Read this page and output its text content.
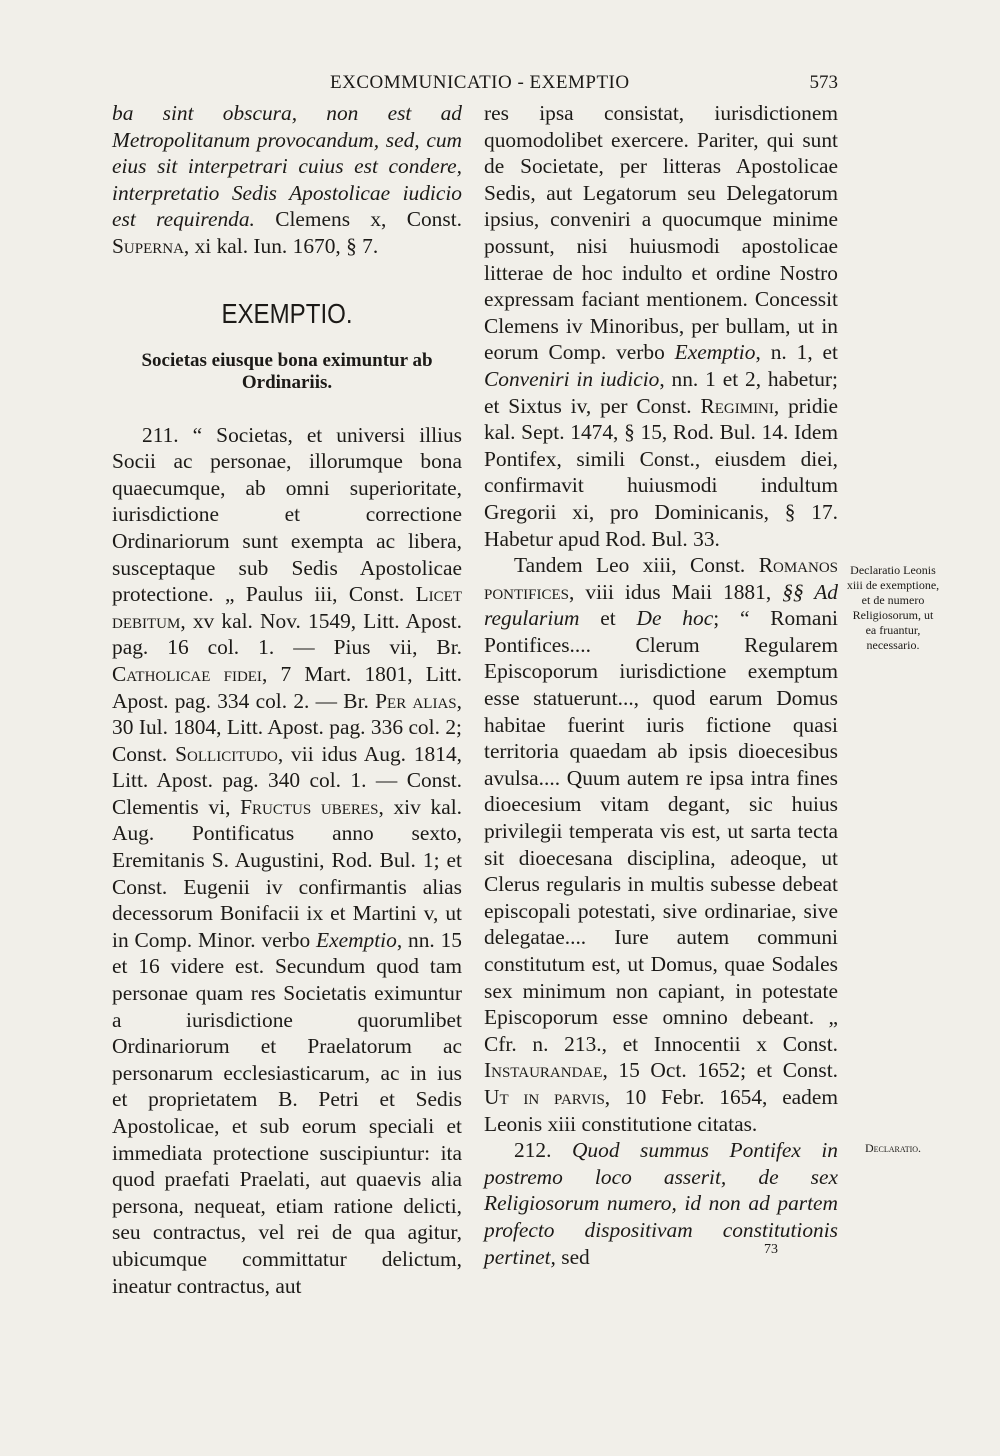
EXCOMMUNICATIO - EXEMPTIO	573

ba sint obscura, non est ad Metropolitanum provocandum, sed, cum eius sit interpetrari cuius est condere, interpretatio Sedis Apostolicae iudicio est requirenda. Clemens x, Const. Superna, xi kal. Iun. 1670, § 7.

EXEMPTIO.
Societas eiusque bona eximuntur ab Ordinariis.

211. “ Societas, et universi illius Socii ac personae, illorumque bona quaecumque, ab omni superioritate, iurisdictione et correctione Ordinariorum sunt exempta ac libera, susceptaque sub Sedis Apostolicae protectione. „ Paulus iii, Const. Licet debitum, xv kal. Nov. 1549, Litt. Apost. pag. 16 col. 1. — Pius vii, Br. Catholicae fidei, 7 Mart. 1801, Litt. Apost. pag. 334 col. 2. — Br. Per alias, 30 Iul. 1804, Litt. Apost. pag. 336 col. 2; Const. Sollicitudo, vii idus Aug. 1814, Litt. Apost. pag. 340 col. 1. — Const. Clementis vi, Fructus uberes, xiv kal. Aug. Pontificatus anno sexto, Eremitanis S. Augustini, Rod. Bul. 1; et Const. Eugenii iv confirmantis alias decessorum Bonifacii ix et Martini v, ut in Comp. Minor. verbo Exemptio, nn. 15 et 16 videre est. Secundum quod tam personae quam res Societatis eximuntur a iurisdictione quorumlibet Ordinariorum et Praelatorum ac personarum ecclesiasticarum, ac in ius et proprietatem B. Petri et Sedis Apostolicae, et sub eorum speciali et immediata protectione suscipiuntur: ita quod praefati Praelati, aut quaevis alia persona, nequeat, etiam ratione delicti, seu contractus, vel rei de qua agitur, ubicumque committatur delictum, ineatur contractus, aut

res ipsa consistat, iurisdictionem quomodolibet exercere. Pariter, qui sunt de Societate, per litteras Apostolicae Sedis, aut Legatorum seu Delegatorum ipsius, conveniri a quocumque minime possunt, nisi huiusmodi apostolicae litterae de hoc indulto et ordine Nostro expressam faciant mentionem. Concessit Clemens iv Minoribus, per bullam, ut in eorum Comp. verbo Exemptio, n. 1, et Conveniri in iudicio, nn. 1 et 2, habetur; et Sixtus iv, per Const. Regimini, pridie kal. Sept. 1474, § 15, Rod. Bul. 14. Idem Pontifex, simili Const., eiusdem diei, confirmavit huiusmodi indultum Gregorii xi, pro Dominicanis, § 17. Habetur apud Rod. Bul. 33.

Tandem Leo xiii, Const. Romanos pontifices, viii idus Maii 1881, §§ Ad regularium et De hoc; “ Romani Pontifices.... Clerum Regularem Episcoporum iurisdictione exemptum esse statuerunt..., quod earum Domus habitae fuerint iuris fictione quasi territoria quaedam ab ipsis dioecesibus avulsa.... Quum autem re ipsa intra fines dioecesium vitam degant, sic huius privilegii temperata vis est, ut sarta tecta sit dioecesana disciplina, adeoque, ut Clerus regularis in multis subesse debeat episcopali potestati, sive ordinariae, sive delegatae.... Iure autem communi constitutum est, ut Domus, quae Sodales sex minimum non capiant, in potestate Episcoporum esse omnino debeant. „ Cfr. n. 213., et Innocentii x Const. Instaurandae, 15 Oct. 1652; et Const. Ut in parvis, 10 Febr. 1654, eadem Leonis xiii constitutione citatas.

212. Quod summus Pontifex in postremo loco asserit, de sex Religiosorum numero, id non ad partem profecto dispositivam constitutionis pertinet, sed

Declaratio Leonis xiii de exemptione, et de numero Religiosorum, ut ea fruantur, necessario.
Declaratio.
73
